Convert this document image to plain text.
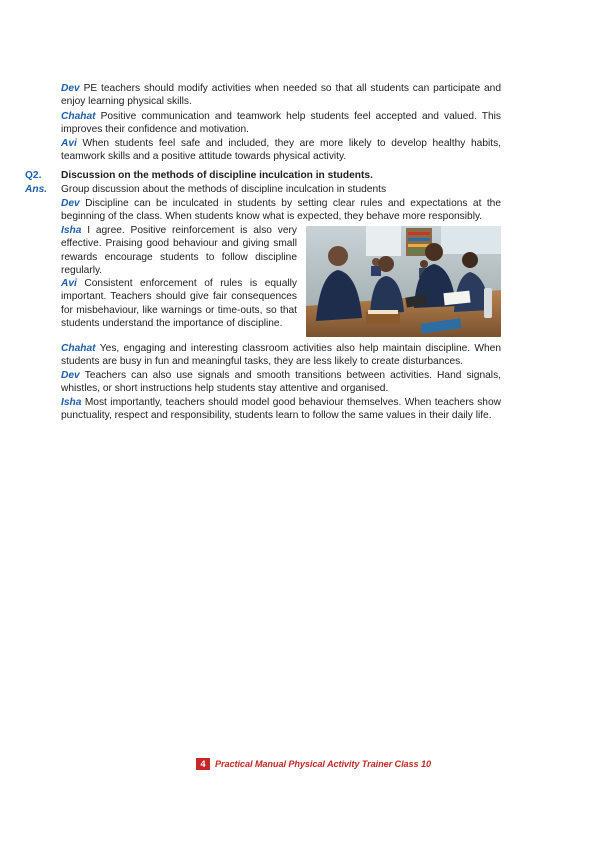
Dev PE teachers should modify activities when needed so that all students can participate and enjoy learning physical skills.
Chahat Positive communication and teamwork help students feel accepted and valued. This improves their confidence and motivation.
Avi When students feel safe and included, they are more likely to develop healthy habits, teamwork skills and a positive attitude towards physical activity.
Q2. Discussion on the methods of discipline inculcation in students.
Ans. Group discussion about the methods of discipline inculcation in students
Dev Discipline can be inculcated in students by setting clear rules and expectations at the beginning of the class. When students know what is expected, they behave more responsibly.
Isha I agree. Positive reinforcement is also very effective. Praising good behaviour and giving small rewards encourage students to follow discipline regularly.
Avi Consistent enforcement of rules is equally important. Teachers should give fair consequences for misbehaviour, like warnings or time-outs, so that students understand the importance of discipline.
Chahat Yes, engaging and interesting classroom activities also help maintain discipline. When students are busy in fun and meaningful tasks, they are less likely to create disturbances.
Dev Teachers can also use signals and smooth transitions between activities. Hand signals, whistles, or short instructions help students stay attentive and organised.
Isha Most importantly, teachers should model good behaviour themselves. When teachers show punctuality, respect and responsibility, students learn to follow the same values in their daily life.
4	Practical Manual Physical Activity Trainer Class 10
